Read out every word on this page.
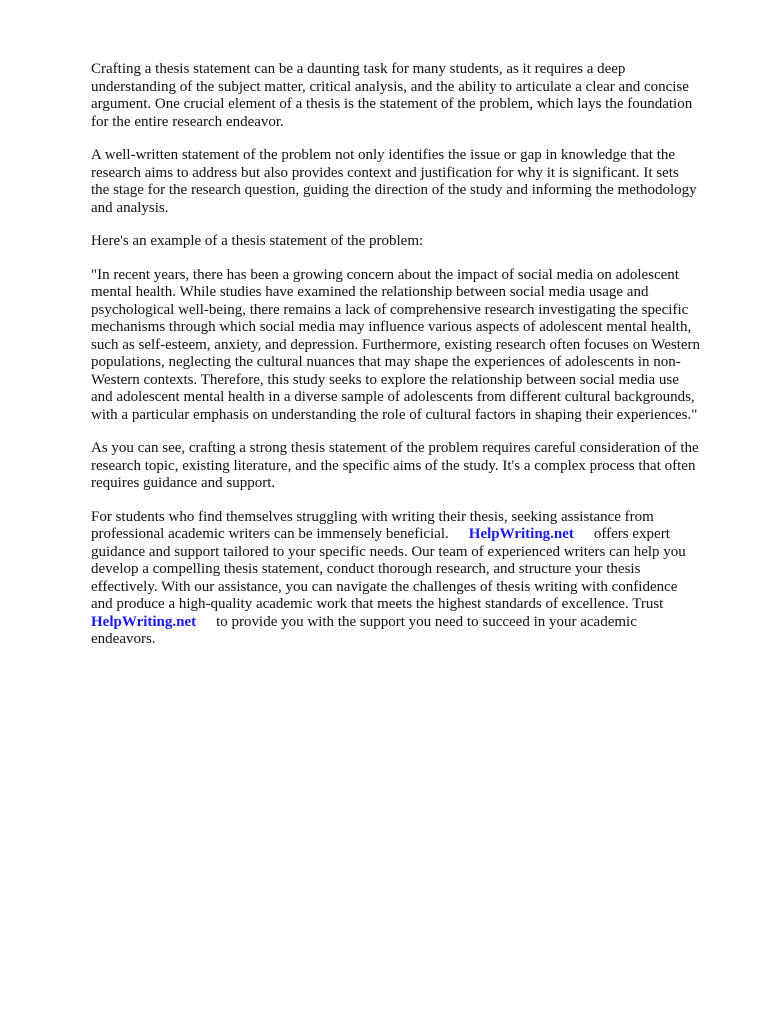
Crafting a thesis statement can be a daunting task for many students, as it requires a deep
understanding of the subject matter, critical analysis, and the ability to articulate a clear and concise
argument. One crucial element of a thesis is the statement of the problem, which lays the foundation
for the entire research endeavor.
A well-written statement of the problem not only identifies the issue or gap in knowledge that the
research aims to address but also provides context and justification for why it is significant. It sets
the stage for the research question, guiding the direction of the study and informing the methodology
and analysis.
Here's an example of a thesis statement of the problem:
"In recent years, there has been a growing concern about the impact of social media on adolescent
mental health. While studies have examined the relationship between social media usage and
psychological well-being, there remains a lack of comprehensive research investigating the specific
mechanisms through which social media may influence various aspects of adolescent mental health,
such as self-esteem, anxiety, and depression. Furthermore, existing research often focuses on Western
populations, neglecting the cultural nuances that may shape the experiences of adolescents in non-
Western contexts. Therefore, this study seeks to explore the relationship between social media use
and adolescent mental health in a diverse sample of adolescents from different cultural backgrounds,
with a particular emphasis on understanding the role of cultural factors in shaping their experiences."
As you can see, crafting a strong thesis statement of the problem requires careful consideration of the
research topic, existing literature, and the specific aims of the study. It's a complex process that often
requires guidance and support.
For students who find themselves struggling with writing their thesis, seeking assistance from
professional academic writers can be immensely beneficial. HelpWriting.net offers expert
guidance and support tailored to your specific needs. Our team of experienced writers can help you
develop a compelling thesis statement, conduct thorough research, and structure your thesis
effectively. With our assistance, you can navigate the challenges of thesis writing with confidence
and produce a high-quality academic work that meets the highest standards of excellence. Trust
HelpWriting.net to provide you with the support you need to succeed in your academic
endeavors.
